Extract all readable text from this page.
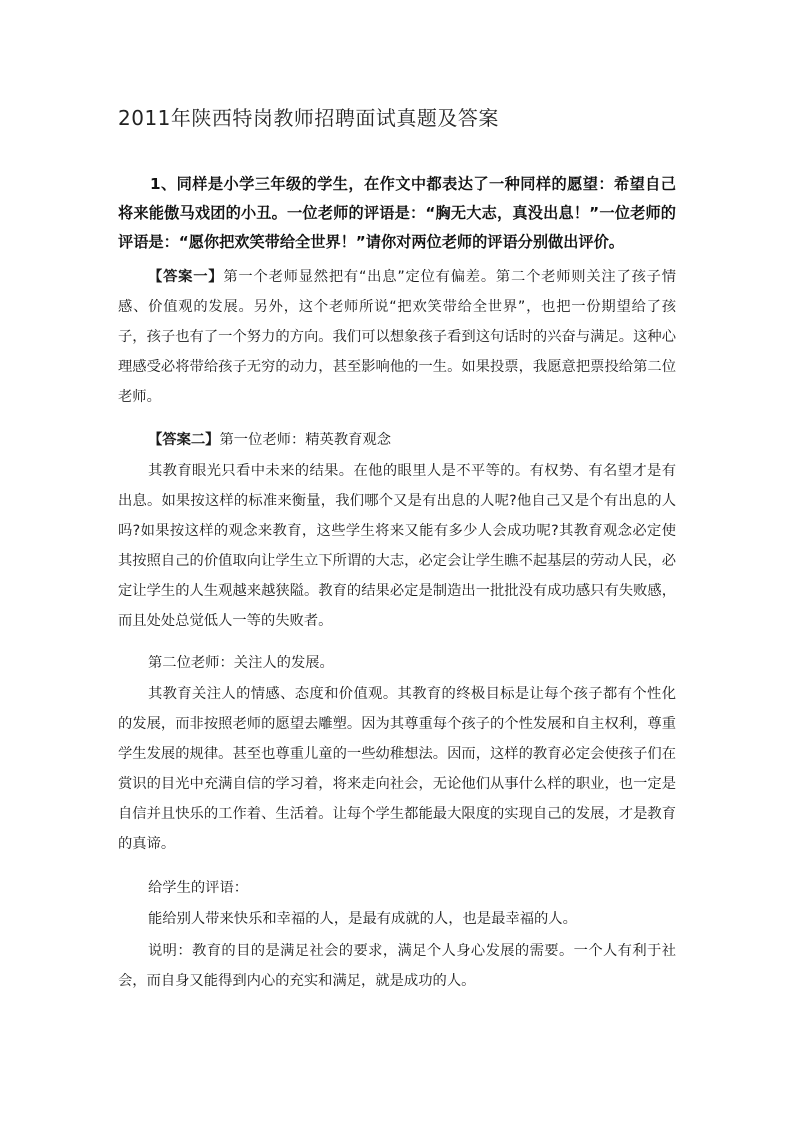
2011年陕西特岗教师招聘面试真题及答案

1、同样是小学三年级的学生，在作文中都表达了一种同样的愿望：希望自己将来能傲马戏团的小丑。一位老师的评语是：“胸无大志，真没出息！”一位老师的评语是：“愿你把欢笑带给全世界！”请你对两位老师的评语分别做出评价。

【答案一】第一个老师显然把有“出息”定位有偏差。第二个老师则关注了孩子情感、价值观的发展。另外，这个老师所说“把欢笑带给全世界”，也把一份期望给了孩子，孩子也有了一个努力的方向。我们可以想象孩子看到这句话时的兴奋与满足。这种心理感受必将带给孩子无穷的动力，甚至影响他的一生。如果投票，我愿意把票投给第二位老师。

【答案二】第一位老师：精英教育观念

其教育眼光只看中未来的结果。在他的眼里人是不平等的。有权势、有名望才是有出息。如果按这样的标准来衡量，我们哪个又是有出息的人呢?他自己又是个有出息的人吗?如果按这样的观念来教育，这些学生将来又能有多少人会成功呢?其教育观念必定使其按照自己的价值取向让学生立下所谓的大志，必定会让学生瞧不起基层的劳动人民，必定让学生的人生观越来越狭隘。教育的结果必定是制造出一批批没有成功感只有失败感，而且处处总觉低人一等的失败者。

第二位老师：关注人的发展。

其教育关注人的情感、态度和价值观。其教育的终极目标是让每个孩子都有个性化的发展，而非按照老师的愿望去雕塑。因为其尊重每个孩子的个性发展和自主权利，尊重学生发展的规律。甚至也尊重儿童的一些幼稚想法。因而，这样的教育必定会使孩子们在赏识的目光中充满自信的学习着，将来走向社会，无论他们从事什么样的职业，也一定是自信并且快乐的工作着、生活着。让每个学生都能最大限度的实现自己的发展，才是教育的真谛。

给学生的评语：

能给别人带来快乐和幸福的人，是最有成就的人，也是最幸福的人。

说明：教育的目的是满足社会的要求，满足个人身心发展的需要。一个人有利于社会，而自身又能得到内心的充实和满足，就是成功的人。
